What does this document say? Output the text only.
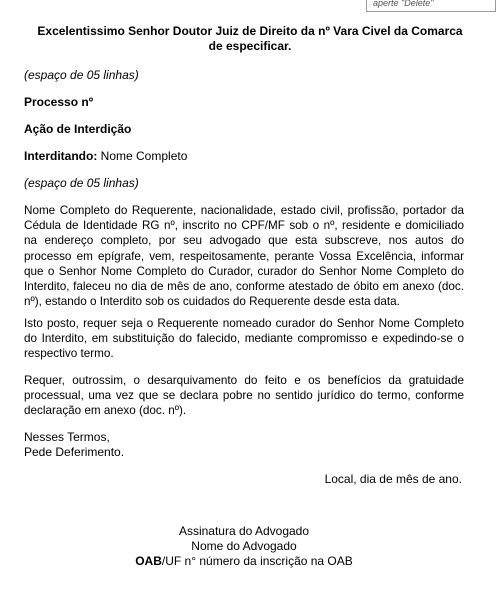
aperte "Delete"
Excelentissimo Senhor Doutor Juiz de Direito da nº Vara Civel da Comarca de especificar.
(espaço de 05 linhas)
Processo nº
Ação de Interdição
Interditando: Nome Completo
(espaço de 05 linhas)
Nome Completo do Requerente, nacionalidade, estado civil, profissão, portador da Cédula de Identidade RG nº, inscrito no CPF/MF sob o nº, residente e domiciliado na endereço completo, por seu advogado que esta subscreve, nos autos do processo em epígrafe, vem, respeitosamente, perante Vossa Excelência, informar que o Senhor Nome Completo do Curador, curador do Senhor Nome Completo do Interdito, faleceu no dia de mês de ano, conforme atestado de óbito em anexo (doc. nº), estando o Interdito sob os cuidados do Requerente desde esta data.
Isto posto, requer seja o Requerente nomeado curador do Senhor Nome Completo do Interdito, em substituição do falecido, mediante compromisso e expedindo-se o respectivo termo.
Requer, outrossim, o desarquivamento do feito e os benefícios da gratuidade processual, uma vez que se declara pobre no sentido jurídico do termo, conforme declaração em anexo (doc. nº).
Nesses Termos,
Pede Deferimento.
Local, dia de mês de ano.
Assinatura do Advogado
Nome do Advogado
OAB/UF n° número da inscrição na OAB
